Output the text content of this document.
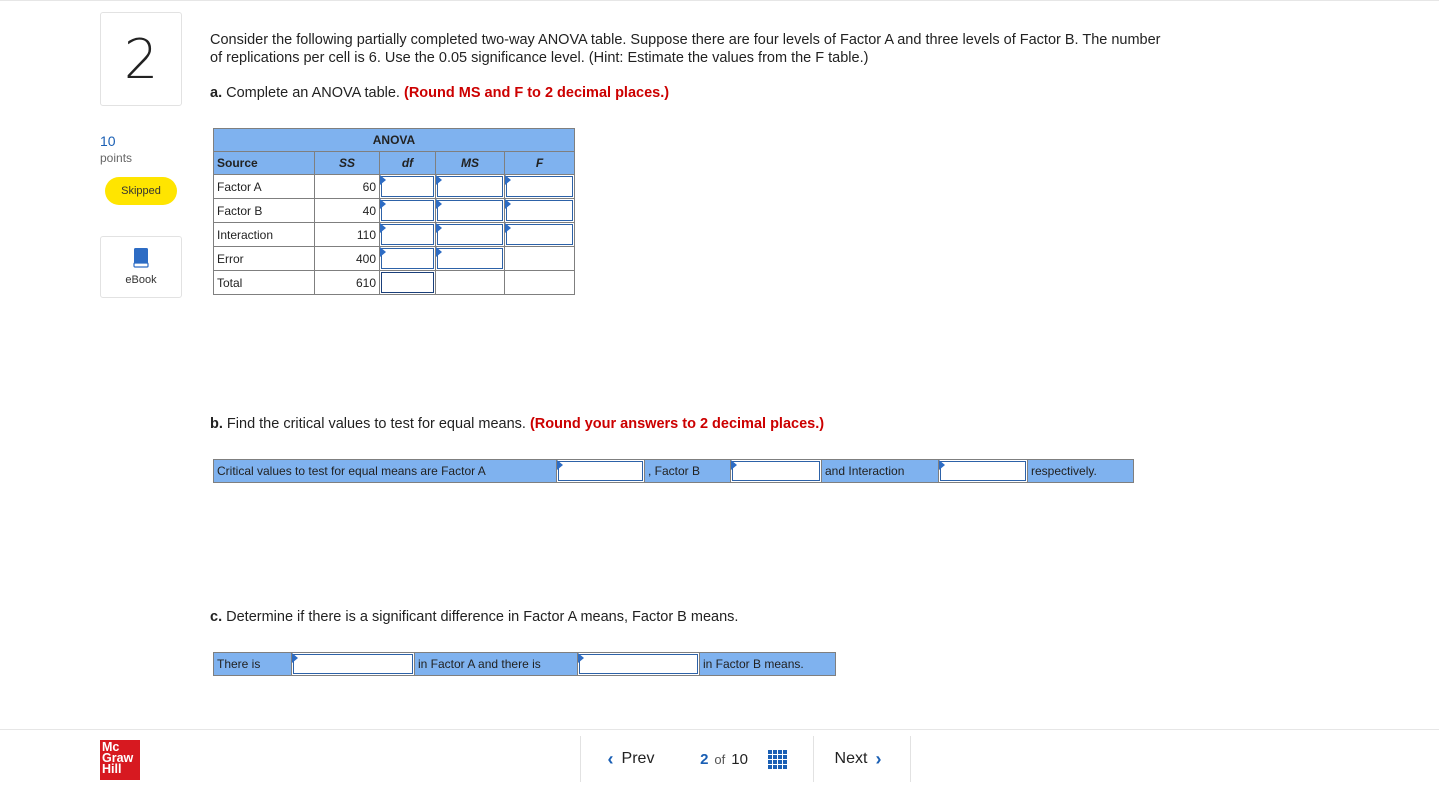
2
10
points
Skipped
eBook
Consider the following partially completed two-way ANOVA table. Suppose there are four levels of Factor A and three levels of Factor B. The number of replications per cell is 6. Use the 0.05 significance level. (Hint: Estimate the values from the F table.)
a. Complete an ANOVA table. (Round MS and F to 2 decimal places.)
ANOVA				
Source	SS	df	MS	F
Factor A	60	

Factor B	40	

Interaction	110	

Error	400	

Total	610	

b. Find the critical values to test for equal means. (Round your answers to 2 decimal places.)
Critical values to test for equal means are Factor A	, Factor B	and Interaction	respectively.
c. Determine if there is a significant difference in Factor A means, Factor B means.
There is	in Factor A and there is	in Factor B means.
Mc
Graw
Hill
‹ Prev	2 of 10	Next ›
